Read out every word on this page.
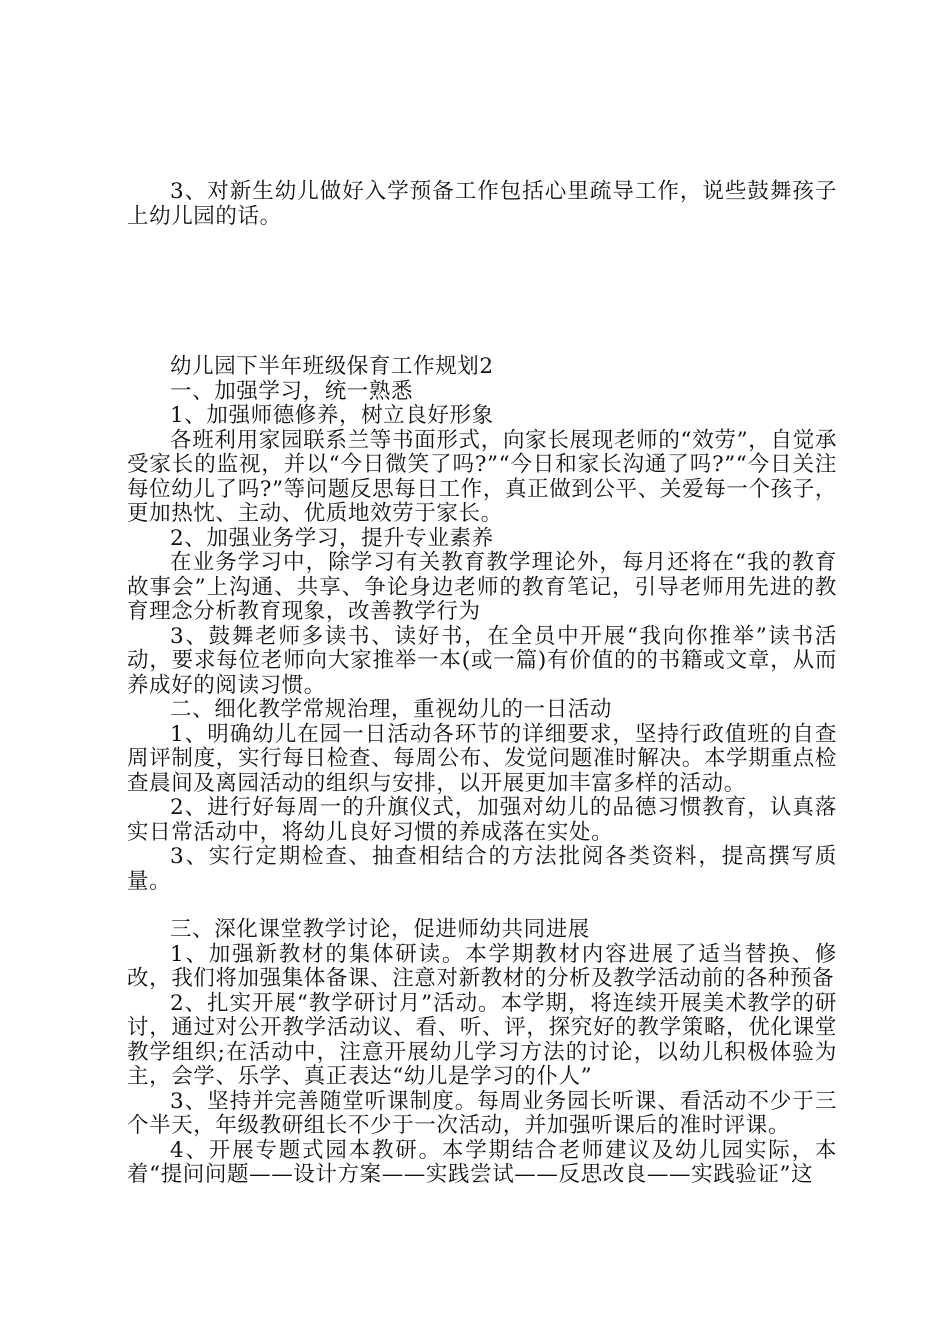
3、对新生幼儿做好入学预备工作包括心里疏导工作，说些鼓舞孩子上幼儿园的话。

幼儿园下半年班级保育工作规划2

一、加强学习，统一熟悉

1、加强师德修养，树立良好形象

各班利用家园联系兰等书面形式，向家长展现老师的“效劳”，自觉承受家长的监视，并以“今日微笑了吗?”“今日和家长沟通了吗?”“今日关注每位幼儿了吗?”等问题反思每日工作，真正做到公平、关爱每一个孩子，更加热忱、主动、优质地效劳于家长。

2、加强业务学习，提升专业素养

在业务学习中，除学习有关教育教学理论外，每月还将在“我的教育故事会”上沟通、共享、争论身边老师的教育笔记，引导老师用先进的教育理念分析教育现象，改善教学行为

3、鼓舞老师多读书、读好书，在全员中开展“我向你推举”读书活动，要求每位老师向大家推举一本(或一篇)有价值的的书籍或文章，从而养成好的阅读习惯。

二、细化教学常规治理，重视幼儿的一日活动

1、明确幼儿在园一日活动各环节的详细要求，坚持行政值班的自查周评制度，实行每日检查、每周公布、发觉问题准时解决。本学期重点检查晨间及离园活动的组织与安排，以开展更加丰富多样的活动。

2、进行好每周一的升旗仪式，加强对幼儿的品德习惯教育，认真落实日常活动中，将幼儿良好习惯的养成落在实处。

3、实行定期检查、抽查相结合的方法批阅各类资料，提高撰写质量。

三、深化课堂教学讨论，促进师幼共同进展

1、加强新教材的集体研读。本学期教材内容进展了适当替换、修改，我们将加强集体备课、注意对新教材的分析及教学活动前的各种预备

2、扎实开展“教学研讨月”活动。本学期，将连续开展美术教学的研讨，通过对公开教学活动议、看、听、评，探究好的教学策略，优化课堂教学组织;在活动中，注意开展幼儿学习方法的讨论，以幼儿积极体验为主，会学、乐学、真正表达“幼儿是学习的仆人”

3、坚持并完善随堂听课制度。每周业务园长听课、看活动不少于三个半天，年级教研组长不少于一次活动，并加强听课后的准时评课。

4、开展专题式园本教研。本学期结合老师建议及幼儿园实际，本着“提问问题——设计方案——实践尝试——反思改良——实践验证”这
